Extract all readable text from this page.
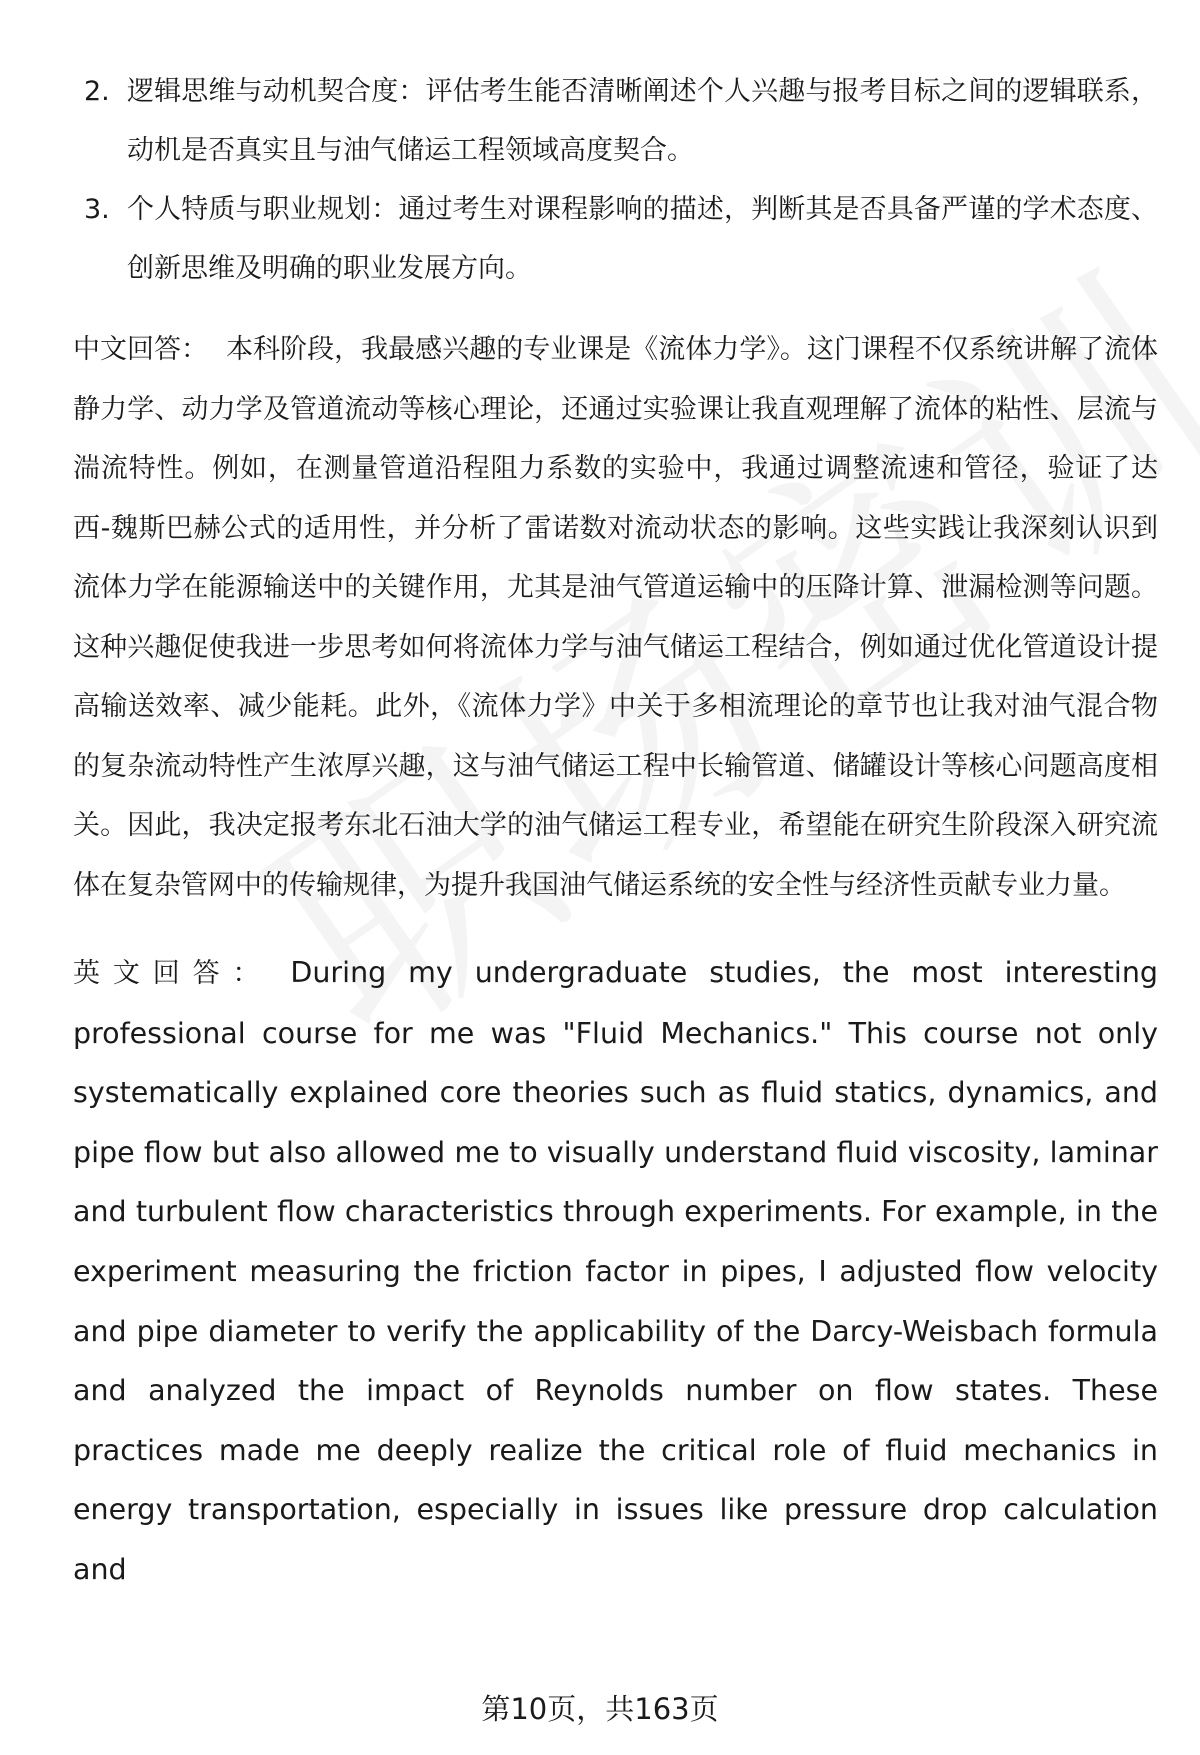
2. 逻辑思维与动机契合度：评估考生能否清晰阐述个人兴趣与报考目标之间的逻辑联系，动机是否真实且与油气储运工程领域高度契合。
3. 个人特质与职业规划：通过考生对课程影响的描述，判断其是否具备严谨的学术态度、创新思维及明确的职业发展方向。

中文回答： 本科阶段，我最感兴趣的专业课是《流体力学》。这门课程不仅系统讲解了流体静力学、动力学及管道流动等核心理论，还通过实验课让我直观理解了流体的粘性、层流与湍流特性。例如，在测量管道沿程阻力系数的实验中，我通过调整流速和管径，验证了达西-魏斯巴赫公式的适用性，并分析了雷诺数对流动状态的影响。这些实践让我深刻认识到流体力学在能源输送中的关键作用，尤其是油气管道运输中的压降计算、泄漏检测等问题。这种兴趣促使我进一步思考如何将流体力学与油气储运工程结合，例如通过优化管道设计提高输送效率、减少能耗。此外，《流体力学》中关于多相流理论的章节也让我对油气混合物的复杂流动特性产生浓厚兴趣，这与油气储运工程中长输管道、储罐设计等核心问题高度相关。因此，我决定报考东北石油大学的油气储运工程专业，希望能在研究生阶段深入研究流体在复杂管网中的传输规律，为提升我国油气储运系统的安全性与经济性贡献专业力量。

英文回答： During my undergraduate studies, the most interesting professional course for me was "Fluid Mechanics." This course not only systematically explained core theories such as fluid statics, dynamics, and pipe flow but also allowed me to visually understand fluid viscosity, laminar and turbulent flow characteristics through experiments. For example, in the experiment measuring the friction factor in pipes, I adjusted flow velocity and pipe diameter to verify the applicability of the Darcy-Weisbach formula and analyzed the impact of Reynolds number on flow states. These practices made me deeply realize the critical role of fluid mechanics in energy transportation, especially in issues like pressure drop calculation and

第10页，共163页
